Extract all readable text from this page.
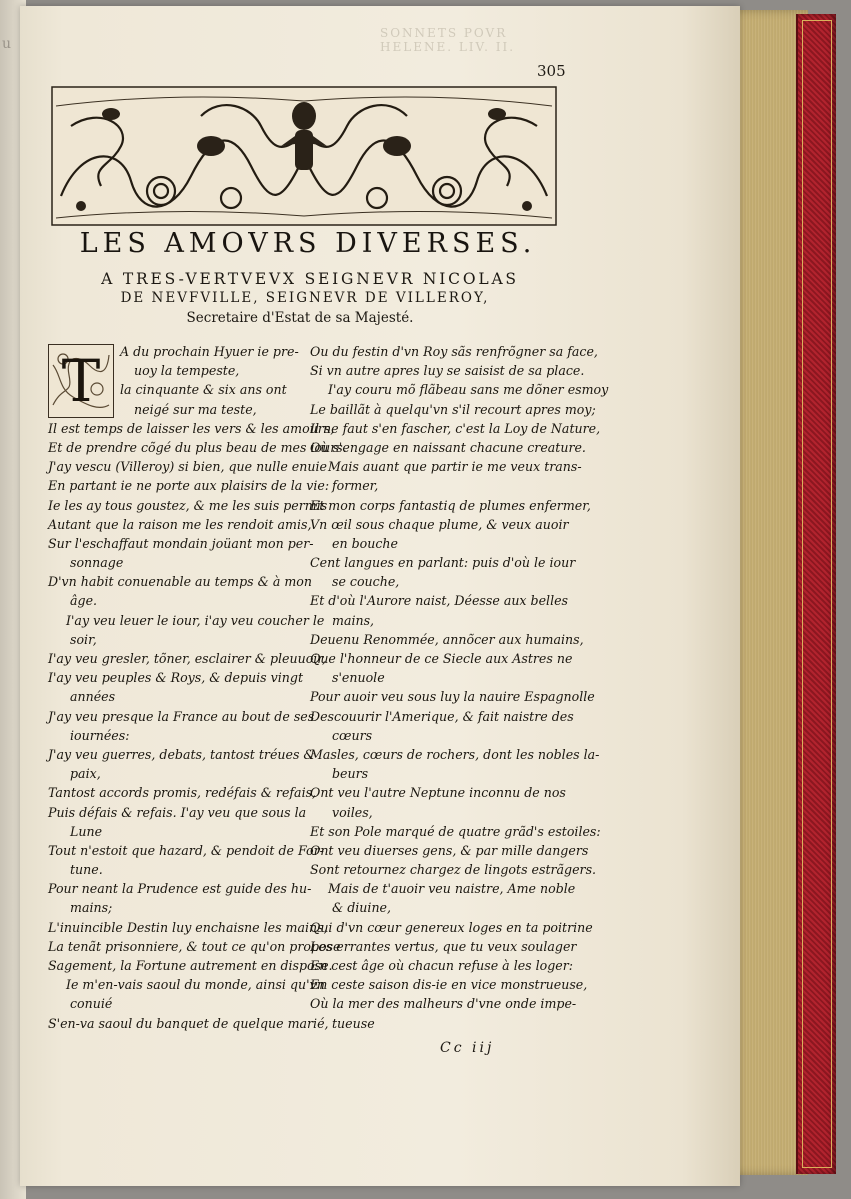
u
SONNETS POVR HELENE. LIV. II.
305
LES AMOVRS DIVERSES.
A TRES-VERTVEVX SEIGNEVR NICOLAS
DE NEVFVILLE, SEIGNEVR DE VILLEROY,
Secretaire d'Estat de sa Majesté.
T	A du prochain Hyuer ie pre-
uoy la tempeste,
la cinquante & six ans ont
neigé sur ma teste,
Il est temps de laisser les vers & les amours,
Et de prendre cõgé du plus beau de mes iours.
J'ay vescu (Villeroy) si bien, que nulle enuie
En partant ie ne porte aux plaisirs de la vie:
Ie les ay tous goustez, & me les suis permis
Autant que la raison me les rendoit amis,
Sur l'eschaffaut mondain joüant mon per-
sonnage
D'vn habit conuenable au temps & à mon
âge.
I'ay veu leuer le iour, i'ay veu coucher le
soir,
I'ay veu gresler, tõner, esclairer & pleuuoir,
I'ay veu peuples & Roys, & depuis vingt
années
J'ay veu presque la France au bout de ses
iournées:
J'ay veu guerres, debats, tantost tréues &
paix,
Tantost accords promis, redéfais & refais,
Puis défais & refais. I'ay veu que sous la
Lune
Tout n'estoit que hazard, & pendoit de For-
tune.
Pour neant la Prudence est guide des hu-
mains;
L'inuincible Destin luy enchaisne les mains,
La tenãt prisonniere, & tout ce qu'on propose
Sagement, la Fortune autrement en dispose.
Ie m'en-vais saoul du monde, ainsi qu'vn
conuié
S'en-va saoul du banquet de quelque marié,
Ou du festin d'vn Roy sãs renfrõgner sa face,
Si vn autre apres luy se saisist de sa place.
I'ay couru mõ flãbeau sans me dõner esmoy
Le baillãt à quelqu'vn s'il recourt apres moy;
Il ne faut s'en fascher, c'est la Loy de Nature,
Où s'engage en naissant chacune creature.
Mais auant que partir ie me veux trans-
former,
Et mon corps fantastiq de plumes enfermer,
Vn œil sous chaque plume, & veux auoir
en bouche
Cent langues en parlant: puis d'où le iour
se couche,
Et d'où l'Aurore naist, Déesse aux belles
mains,
Deuenu Renommée, annõcer aux humains,
Que l'honneur de ce Siecle aux Astres ne
s'enuole
Pour auoir veu sous luy la nauire Espagnolle
Descouurir l'Amerique, & fait naistre des
cœurs
Masles, cœurs de rochers, dont les nobles la-
beurs
Ont veu l'autre Neptune inconnu de nos
voiles,
Et son Pole marqué de quatre grãd's estoiles:
Ont veu diuerses gens, & par mille dangers
Sont retournez chargez de lingots estrãgers.
Mais de t'auoir veu naistre, Ame noble
& diuine,
Qui d'vn cœur genereux loges en ta poitrine
Les errantes vertus, que tu veux soulager
En cest âge où chacun refuse à les loger:
En ceste saison dis-ie en vice monstrueuse,
Où la mer des malheurs d'vne onde impe-
tueuse
Cc iij
